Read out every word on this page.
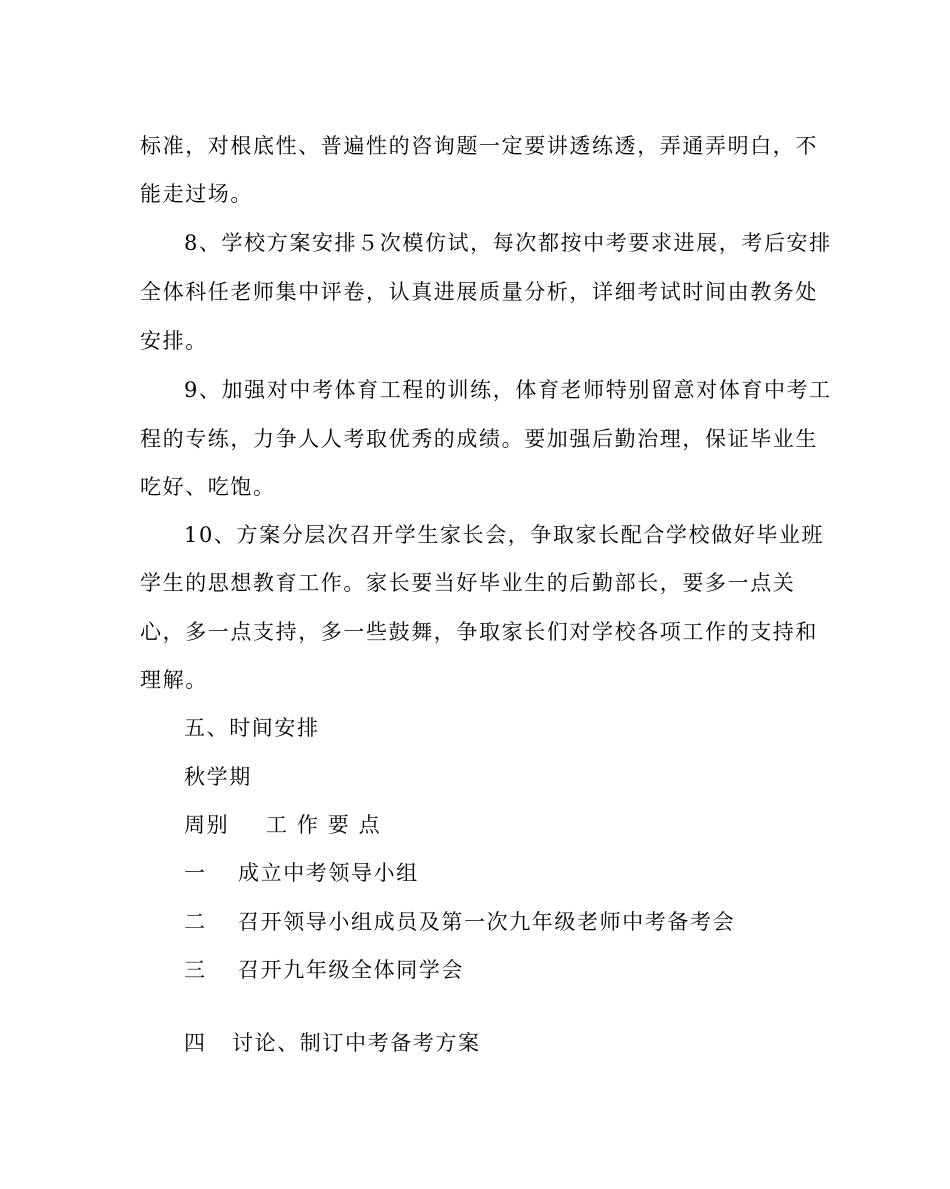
标准，对根底性、普遍性的咨询题一定要讲透练透，弄通弄明白，不
能走过场。
8、学校方案安排５次模仿试，每次都按中考要求进展，考后安排
全体科任老师集中评卷，认真进展质量分析，详细考试时间由教务处
安排。
9、加强对中考体育工程的训练，体育老师特别留意对体育中考工
程的专练，力争人人考取优秀的成绩。要加强后勤治理，保证毕业生
吃好、吃饱。
10、方案分层次召开学生家长会，争取家长配合学校做好毕业班
学生的思想教育工作。家长要当好毕业生的后勤部长，要多一点关
心，多一点支持，多一些鼓舞，争取家长们对学校各项工作的支持和
理解。
五、时间安排
秋学期
周别 工 作 要 点
一 成立中考领导小组
二 召开领导小组成员及第一次九年级老师中考备考会
三 召开九年级全体同学会
四 讨论、制订中考备考方案
